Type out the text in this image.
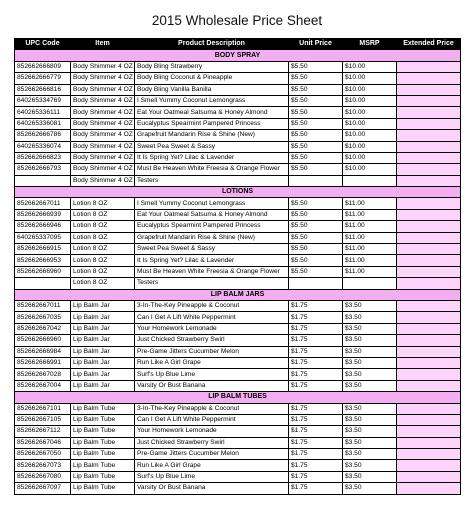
2015 Wholesale Price Sheet
UPC Code	Item	Product Description	Unit Price	MSRP	Extended Price
BODY SPRAY					
852662666809	Body Shimmer 4 OZ	Body Bling Strawberry	$5.50	$10.00	
852662666779	Body Shimmer 4 OZ	Body Bling Coconut & Pineapple	$5.50	$10.00	
852662666816	Body Shimmer 4 OZ	Body Bling Vanilla Banilla	$5.50	$10.00	
640265334769	Body Shimmer 4 OZ	I Smell Yummy Coconut Lemongrass	$5.50	$10.00	
640265336111	Body Shimmer 4 OZ	Eat Your Oatmeal Satsuma & Honey Almond	$5.50	$10.00	
640265336081	Body Shimmer 4 OZ	Eucalyptus Spearmint Pampered Princess	$5.50	$10.00	
852662666786	Body Shimmer 4 OZ	Grapefruit Mandarin Rise & Shine (New)	$5.50	$10.00	
640265336074	Body Shimmer 4 OZ	Sweet Pea Sweet & Sassy	$5.50	$10.00	
852662666823	Body Shimmer 4 OZ	It Is Spring Yet? Lilac & Lavender	$5.50	$10.00	
852662666793	Body Shimmer 4 OZ	Must Be Heaven White Freesia & Orange Flower	$5.50	$10.00	
	Body Shimmer 4 OZ	Testers			
LOTIONS					
852662667011	Lotion 8 OZ	I Smell Yummy Coconut Lemongrass	$5.50	$11.00	
852662666939	Lotion 8 OZ	Eat Your Oatmeal Satsuma & Honey Almond	$5.50	$11.00	
852662666946	Lotion 8 OZ	Eucalyptus Spearmint Pampered Princess	$5.50	$11.00	
640265337095	Lotion 8 OZ	Grapefruit Mandarin Rise & Shine (New)	$5.50	$11.00	
852662666915	Lotion 8 OZ	Sweet Pea Sweet & Sassy	$5.50	$11.00	
852662666953	Lotion 8 OZ	It Is Spring Yet? Lilac & Lavender	$5.50	$11.00	
852662666960	Lotion 8 OZ	Must Be Heaven White Freesia & Orange Flower	$5.50	$11.00	
	Lotion 8 OZ	Testers			
LIP BALM JARS					
852662667011	Lip Balm Jar	3-In-The-Key Pineapple & Coconut	$1.75	$3.50	
852662667035	Lip Balm Jar	Can I Get A Lift White Peppermint	$1.75	$3.50	
852662667042	Lip Balm Jar	Your Homework Lemonade	$1.75	$3.50	
852662666960	Lip Balm Jar	Just Chicked Strawberry Swirl	$1.75	$3.50	
852662666984	Lip Balm Jar	Pre-Game Jitters Cucumber Melon	$1.75	$3.50	
852662666991	Lip Balm Jar	Run Like A Girl Grape	$1.75	$3.50	
852662667028	Lip Balm Jar	Surf's Up Blue Lime	$1.75	$3.50	
852662667004	Lip Balm Jar	Varsity Or Bust Banana	$1.75	$3.50	
LIP BALM TUBES					
852662667101	Lip Balm Tube	3-In-The-Key Pineapple & Coconut	$1.75	$3.50	
852662667105	Lip Balm Tube	Can I Get A Lift White Peppermint	$1.75	$3.50	
852662667112	Lip Balm Tube	Your Homework Lemonade	$1.75	$3.50	
852662667046	Lip Balm Tube	Just Chicked Strawberry Swirl	$1.75	$3.50	
852662667050	Lip Balm Tube	Pre-Game Jitters Cucumber Melon	$1.75	$3.50	
852662667073	Lip Balm Tube	Run Like A Girl Grape	$1.75	$3.50	
852662667080	Lip Balm Tube	Surf's Up Blue Lime	$1.75	$3.50	
852662667097	Lip Balm Tube	Varsity Or Bust Banana	$1.75	$3.50	
